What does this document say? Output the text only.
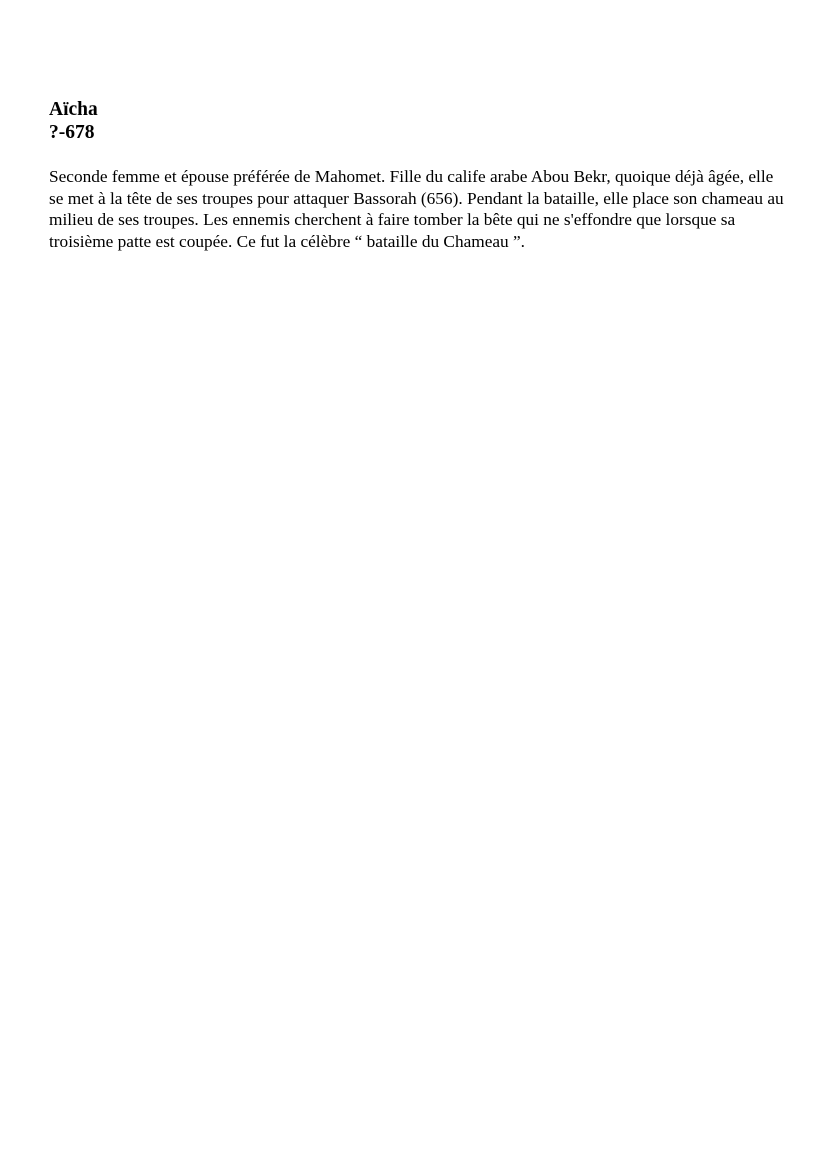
Aïcha
?-678

Seconde femme et épouse préférée de Mahomet. Fille du calife arabe Abou Bekr, quoique déjà âgée, elle se met à la tête de ses troupes pour attaquer Bassorah (656). Pendant la bataille, elle place son chameau au milieu de ses troupes. Les ennemis cherchent à faire tomber la bête qui ne s'effondre que lorsque sa troisième patte est coupée. Ce fut la célèbre “ bataille du Chameau ”.
